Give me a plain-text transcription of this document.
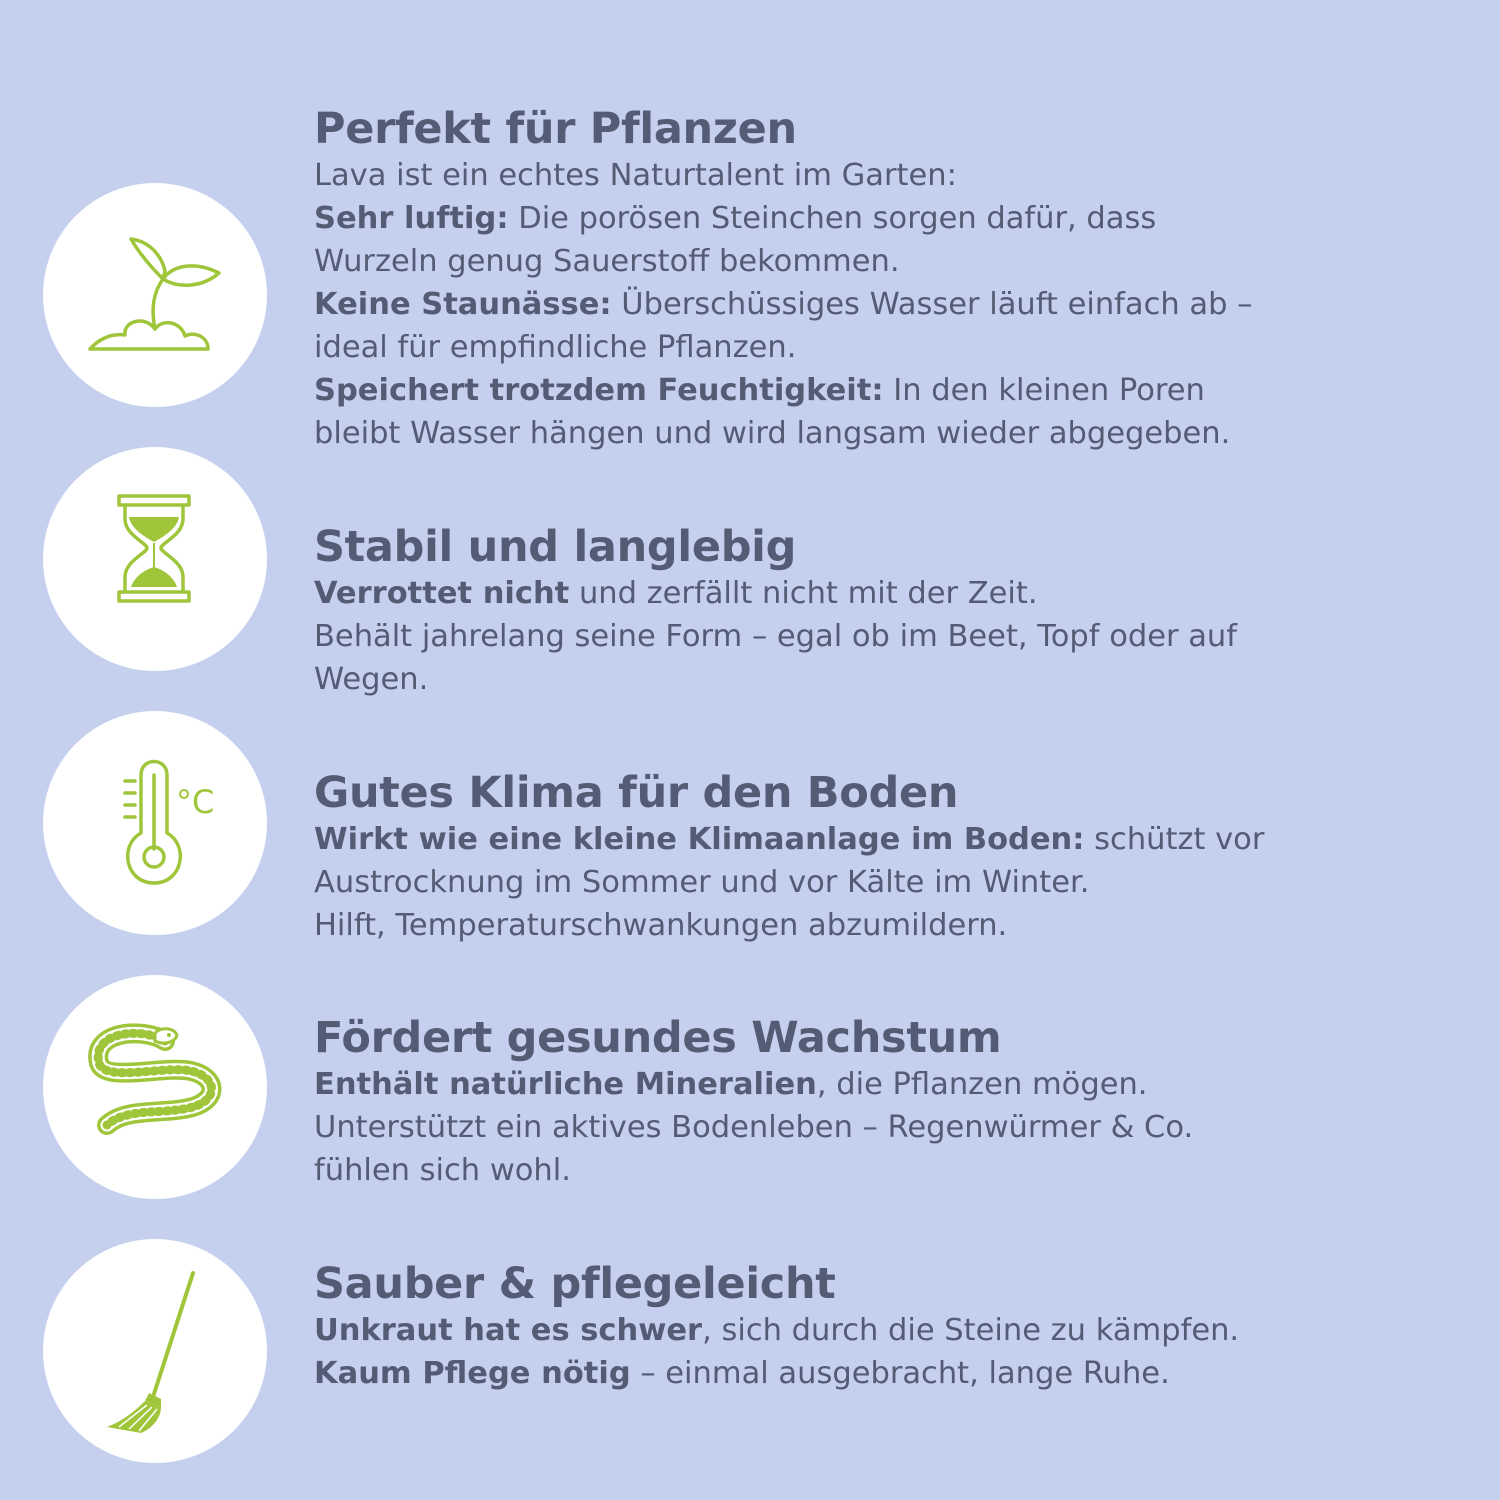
°C
Perfekt für Pflanzen

Lava ist ein echtes Naturtalent im Garten:

Sehr luftig: Die porösen Steinchen sorgen dafür, dass

Wurzeln genug Sauerstoff bekommen.

Keine Staunässe: Überschüssiges Wasser läuft einfach ab –

ideal für empfindliche Pflanzen.

Speichert trotzdem Feuchtigkeit: In den kleinen Poren

bleibt Wasser hängen und wird langsam wieder abgegeben.

Stabil und langlebig

Verrottet nicht und zerfällt nicht mit der Zeit.

Behält jahrelang seine Form – egal ob im Beet, Topf oder auf

Wegen.

Gutes Klima für den Boden

Wirkt wie eine kleine Klimaanlage im Boden: schützt vor

Austrocknung im Sommer und vor Kälte im Winter.

Hilft, Temperaturschwankungen abzumildern.

Fördert gesundes Wachstum

Enthält natürliche Mineralien, die Pflanzen mögen.

Unterstützt ein aktives Bodenleben – Regenwürmer & Co.

fühlen sich wohl.

Sauber & pflegeleicht

Unkraut hat es schwer, sich durch die Steine zu kämpfen.

Kaum Pflege nötig – einmal ausgebracht, lange Ruhe.
